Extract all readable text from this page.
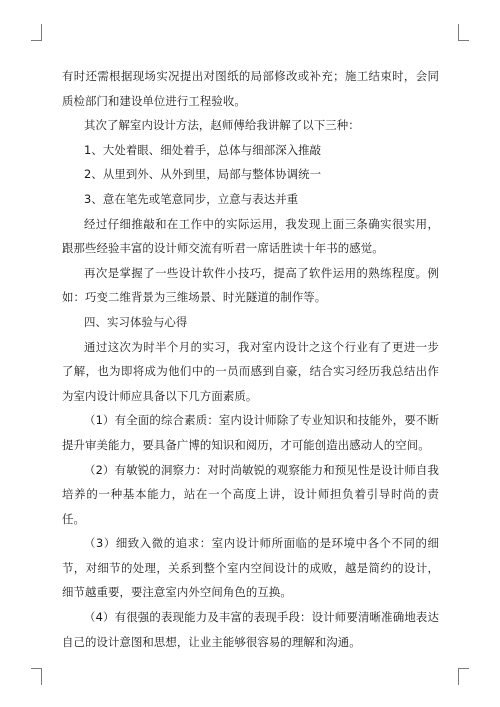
有时还需根据现场实况提出对图纸的局部修改或补充；施工结束时，会同质检部门和建设单位进行工程验收。

其次了解室内设计方法，赵师傅给我讲解了以下三种：

1、大处着眼、细处着手，总体与细部深入推敲

2、从里到外、从外到里，局部与整体协调统一

3、意在笔先或笔意同步，立意与表达并重

经过仔细推敲和在工作中的实际运用，我发现上面三条确实很实用，跟那些经验丰富的设计师交流有听君一席话胜读十年书的感觉。

再次是掌握了一些设计软件小技巧，提高了软件运用的熟练程度。例如：巧变二维背景为三维场景、时光隧道的制作等。

四、实习体验与心得

通过这次为时半个月的实习，我对室内设计之这个行业有了更进一步了解，也为即将成为他们中的一员而感到自豪，结合实习经历我总结出作为室内设计师应具备以下几方面素质。

（1）有全面的综合素质：室内设计师除了专业知识和技能外，要不断提升审美能力，要具备广博的知识和阅历，才可能创造出感动人的空间。

（2）有敏锐的洞察力：对时尚敏锐的观察能力和预见性是设计师自我培养的一种基本能力，站在一个高度上讲，设计师担负着引导时尚的责任。

（3）细致入微的追求：室内设计师所面临的是环境中各个不同的细节，对细节的处理，关系到整个室内空间设计的成败，越是简约的设计，细节越重要，要注意室内外空间角色的互换。

（4）有很强的表现能力及丰富的表现手段：设计师要清晰准确地表达自己的设计意图和思想，让业主能够很容易的理解和沟通。
